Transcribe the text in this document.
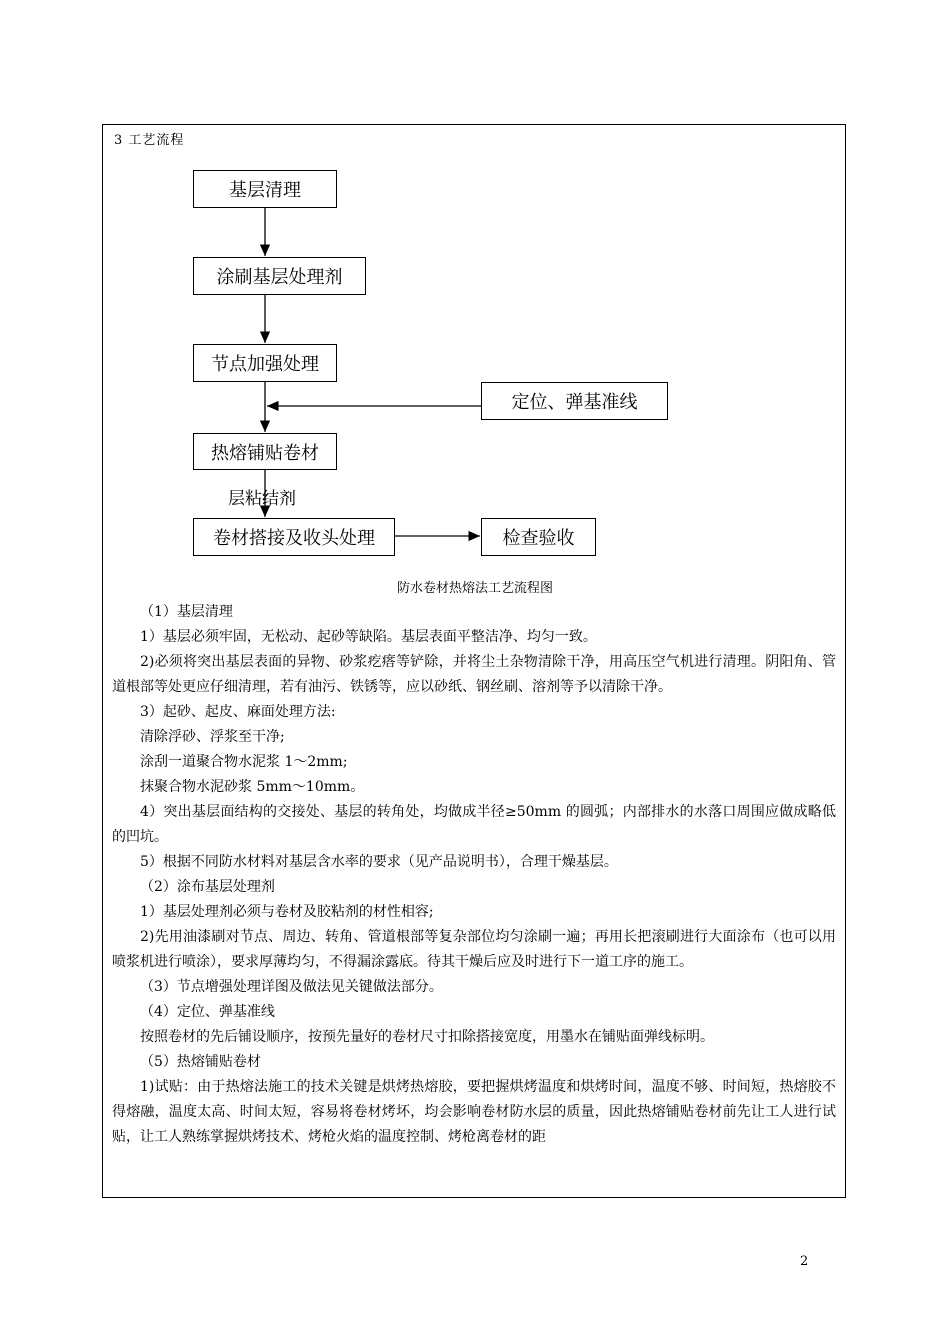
3 工艺流程
基层清理
涂刷基层处理剂
节点加强处理
定位、弹基准线
热熔铺贴卷材
层粘结剂
卷材搭接及收头处理	检查验收
防水卷材热熔法工艺流程图

（1）基层清理

1）基层必须牢固，无松动、起砂等缺陷。基层表面平整洁净、均匀一致。

2)必须将突出基层表面的异物、砂浆疙瘩等铲除，并将尘土杂物清除干净，用高压空气机进行清理。阴阳角、管道根部等处更应仔细清理，若有油污、铁锈等，应以砂纸、钢丝刷、溶剂等予以清除干净。

3）起砂、起皮、麻面处理方法:

清除浮砂、浮浆至干净;

涂刮一道聚合物水泥浆 1～2mm;

抹聚合物水泥砂浆 5mm～10mm。

4）突出基层面结构的交接处、基层的转角处，均做成半径≥50mm 的圆弧；内部排水的水落口周围应做成略低的凹坑。

5）根据不同防水材料对基层含水率的要求（见产品说明书），合理干燥基层。

（2）涂布基层处理剂

1）基层处理剂必须与卷材及胶粘剂的材性相容;

2)先用油漆刷对节点、周边、转角、管道根部等复杂部位均匀涂刷一遍；再用长把滚刷进行大面涂布（也可以用喷浆机进行喷涂），要求厚薄均匀，不得漏涂露底。待其干燥后应及时进行下一道工序的施工。

（3）节点增强处理详图及做法见关键做法部分。

（4）定位、弹基准线

按照卷材的先后铺设顺序，按预先量好的卷材尺寸扣除搭接宽度，用墨水在铺贴面弹线标明。

（5）热熔铺贴卷材

1)试贴：由于热熔法施工的技术关键是烘烤热熔胶，要把握烘烤温度和烘烤时间，温度不够、时间短，热熔胶不得熔融，温度太高、时间太短，容易将卷材烤坏，均会影响卷材防水层的质量，因此热熔铺贴卷材前先让工人进行试贴，让工人熟练掌握烘烤技术、烤枪火焰的温度控制、烤枪离卷材的距

2
